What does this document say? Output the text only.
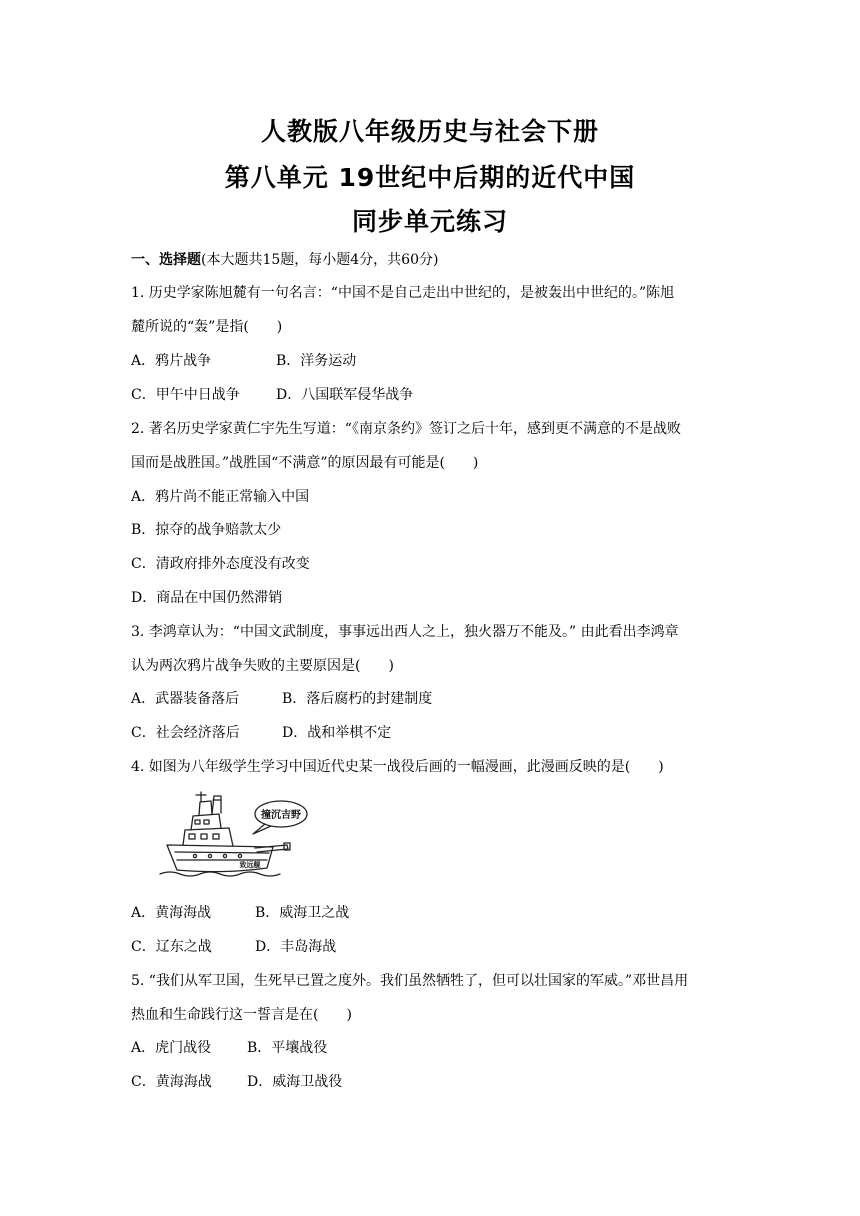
人教版八年级历史与社会下册
第八单元 19世纪中后期的近代中国
同步单元练习
一、选择题(本大题共15题，每小题4分，共60分)
1. 历史学家陈旭麓有一句名言：“中国不是自己走出中世纪的，是被轰出中世纪的。”陈旭
麓所说的“轰”是指(　　)
A．鸦片战争	B．洋务运动
C．甲午中日战争	D．八国联军侵华战争
2. 著名历史学家黄仁宇先生写道：“《南京条约》签订之后十年，感到更不满意的不是战败
国而是战胜国。”战胜国“不满意”的原因最有可能是(　　)
A．鸦片尚不能正常输入中国
B．掠夺的战争赔款太少
C．清政府排外态度没有改变
D．商品在中国仍然滞销
3. 李鸿章认为：“中国文武制度，事事远出西人之上，独火器万不能及。” 由此看出李鸿章
认为两次鸦片战争失败的主要原因是(　　)
A．武器装备落后	B．落后腐朽的封建制度
C．社会经济落后	D．战和举棋不定
4. 如图为八年级学生学习中国近代史某一战役后画的一幅漫画，此漫画反映的是(　　)
撞沉吉野
致远舰
A．黄海海战	B．威海卫之战
C．辽东之战	D．丰岛海战
5. “我们从军卫国，生死早已置之度外。我们虽然牺牲了，但可以壮国家的军威。”邓世昌用
热血和生命践行这一誓言是在(　　)
A．虎门战役	B．平壤战役
C．黄海海战	D．威海卫战役
